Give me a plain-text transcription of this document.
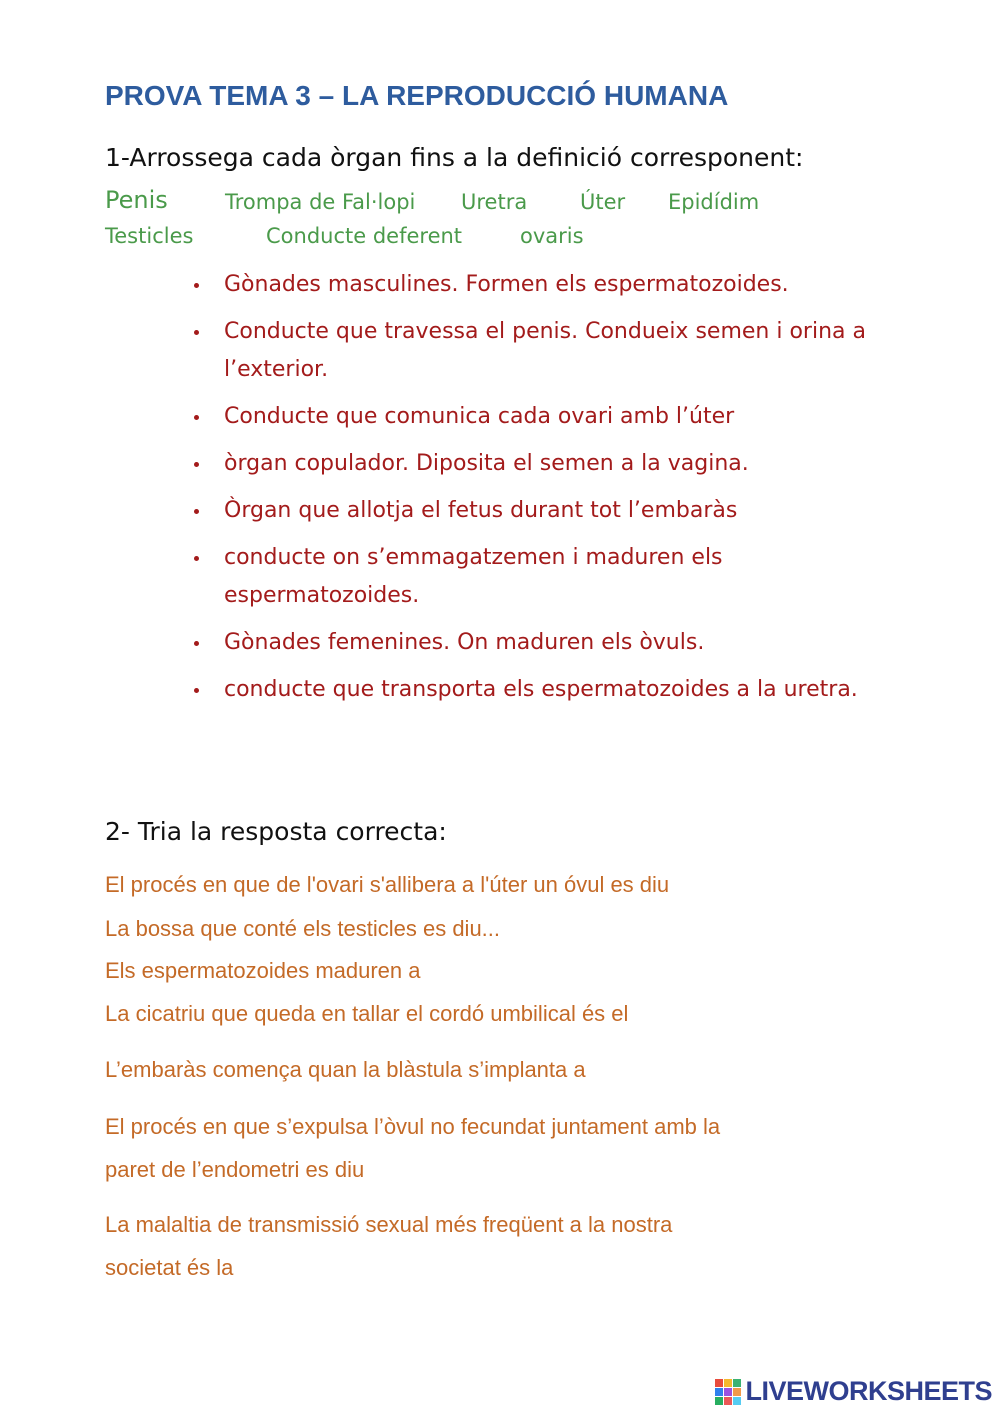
PROVA TEMA 3 – LA REPRODUCCIÓ HUMANA
1-Arrossega cada òrgan fins a la definició corresponent:
Penis	Trompa de Fal·lopi Uretra	Úter Epidídim
Testicles	Conducte deferent	ovaris
Gònades masculines. Formen els espermatozoides.
Conducte que travessa el penis. Condueix semen i orina a l’exterior.
Conducte que comunica cada ovari amb l’úter
òrgan copulador. Diposita el semen a la vagina.
Òrgan que allotja el fetus durant tot l’embaràs
conducte on s’emmagatzemen i maduren els espermatozoides.
Gònades femenines. On maduren els òvuls.
conducte que transporta els espermatozoides a la uretra.
2- Tria la resposta correcta:
El procés en que de l'ovari s'allibera a l'úter un óvul es diu
La bossa que conté els testicles es diu...
Els espermatozoides maduren a
La cicatriu que queda en tallar el cordó umbilical és el
L’embaràs comença quan la blàstula s’implanta a
El procés en que s’expulsa l’òvul no fecundat juntament amb la
paret de l’endometri es diu
La malaltia de transmissió sexual més freqüent a la nostra
societat és la
LIVEWORKSHEETS
